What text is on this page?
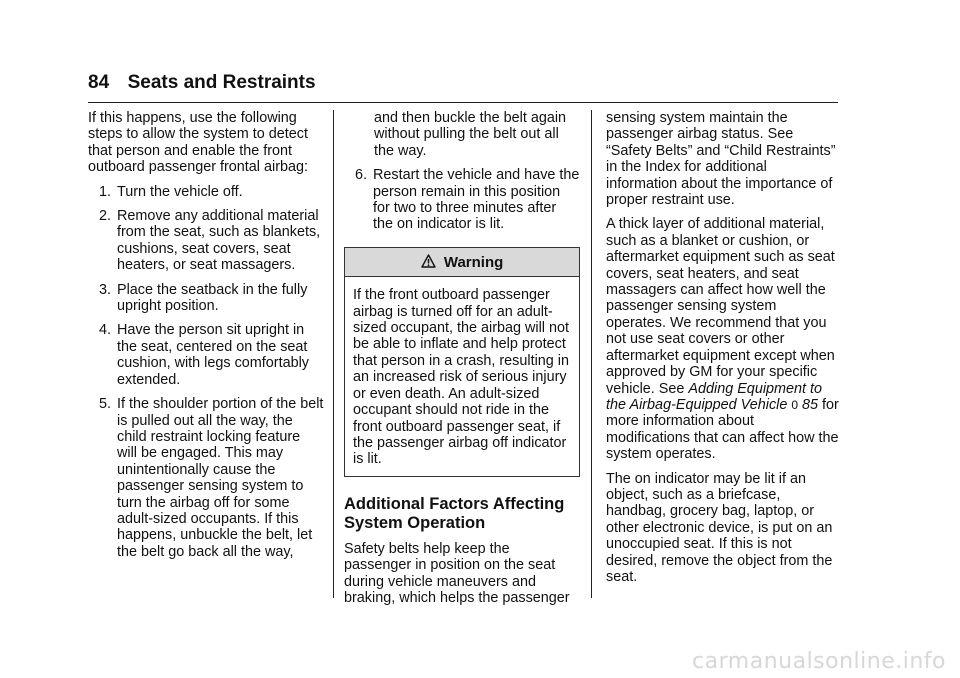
84 Seats and Restraints

If this happens, use the following steps to allow the system to detect that person and enable the front outboard passenger frontal airbag:

1. Turn the vehicle off.
2. Remove any additional material from the seat, such as blankets, cushions, seat covers, seat heaters, or seat massagers.
3. Place the seatback in the fully upright position.
4. Have the person sit upright in the seat, centered on the seat cushion, with legs comfortably extended.
5. If the shoulder portion of the belt is pulled out all the way, the child restraint locking feature will be engaged. This may unintentionally cause the passenger sensing system to turn the airbag off for some adult-sized occupants. If this happens, unbuckle the belt, let the belt go back all the way,

and then buckle the belt again without pulling the belt out all the way.

6. Restart the vehicle and have the person remain in this position for two to three minutes after the on indicator is lit.
Warning
If the front outboard passenger airbag is turned off for an adult-sized occupant, the airbag will not be able to inflate and help protect that person in a crash, resulting in an increased risk of serious injury or even death. An adult-sized occupant should not ride in the front outboard passenger seat, if the passenger airbag off indicator is lit.
Additional Factors Affecting System Operation

Safety belts help keep the passenger in position on the seat during vehicle maneuvers and braking, which helps the passenger

sensing system maintain the passenger airbag status. See “Safety Belts” and “Child Restraints” in the Index for additional information about the importance of proper restraint use.

A thick layer of additional material, such as a blanket or cushion, or aftermarket equipment such as seat covers, seat heaters, and seat massagers can affect how well the passenger sensing system operates. We recommend that you not use seat covers or other aftermarket equipment except when approved by GM for your specific vehicle. See Adding Equipment to the Airbag-Equipped Vehicle 0 85 for more information about modifications that can affect how the system operates.

The on indicator may be lit if an object, such as a briefcase, handbag, grocery bag, laptop, or other electronic device, is put on an unoccupied seat. If this is not desired, remove the object from the seat.

carmanualsonline.info
